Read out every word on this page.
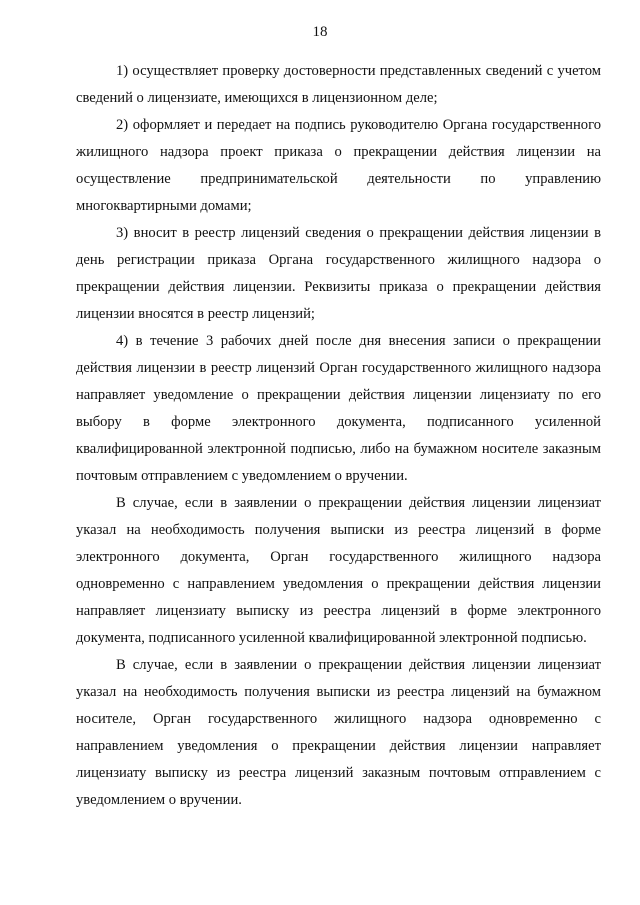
18

1) осуществляет проверку достоверности представленных сведений с учетом сведений о лицензиате, имеющихся в лицензионном деле;

2) оформляет и передает на подпись руководителю Органа государственного жилищного надзора проект приказа о прекращении действия лицензии на осуществление предпринимательской деятельности по управлению многоквартирными домами;

3) вносит в реестр лицензий сведения о прекращении действия лицензии в день регистрации приказа Органа государственного жилищного надзора о прекращении действия лицензии. Реквизиты приказа о прекращении действия лицензии вносятся в реестр лицензий;

4) в течение 3 рабочих дней после дня внесения записи о прекращении действия лицензии в реестр лицензий Орган государственного жилищного надзора направляет уведомление о прекращении действия лицензии лицензиату по его выбору в форме электронного документа, подписанного усиленной квалифицированной электронной подписью, либо на бумажном носителе заказным почтовым отправлением с уведомлением о вручении.

В случае, если в заявлении о прекращении действия лицензии лицензиат указал на необходимость получения выписки из реестра лицензий в форме электронного документа, Орган государственного жилищного надзора одновременно с направлением уведомления о прекращении действия лицензии направляет лицензиату выписку из реестра лицензий в форме электронного документа, подписанного усиленной квалифицированной электронной подписью.

В случае, если в заявлении о прекращении действия лицензии лицензиат указал на необходимость получения выписки из реестра лицензий на бумажном носителе, Орган государственного жилищного надзора одновременно с направлением уведомления о прекращении действия лицензии направляет лицензиату выписку из реестра лицензий заказным почтовым отправлением с уведомлением о вручении.
